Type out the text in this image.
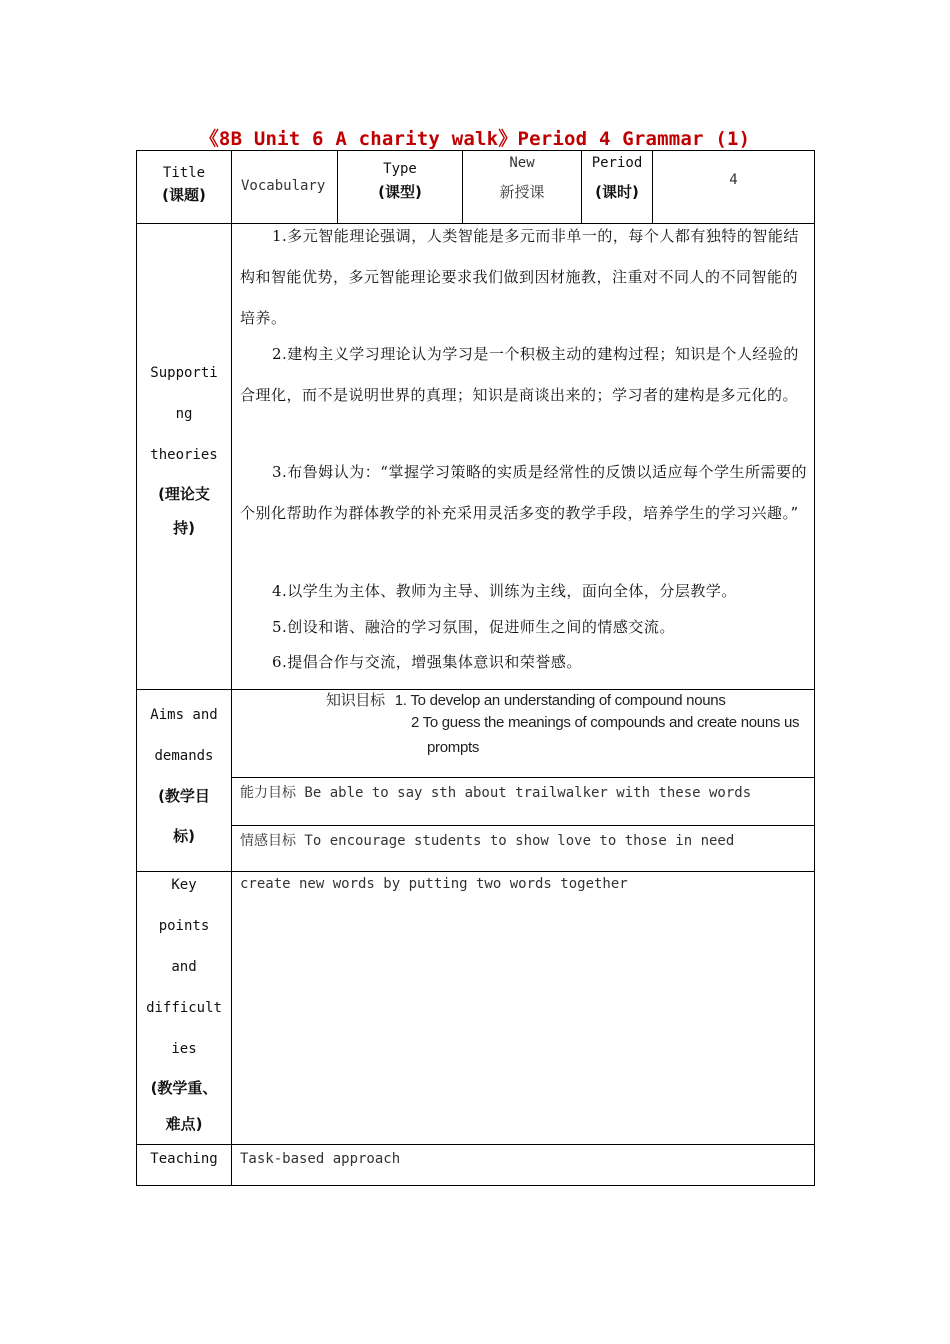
《8B Unit 6 A charity walk》Period 4 Grammar (1)
Title
(课题)	Vocabulary
Type
(课型)
New
新授课
Period
(课时)
4
Supporti
ng
theories
(理论支
持)
1.多元智能理论强调，人类智能是多元而非单一的，每个人都有独特的智能结构和智能优势，多元智能理论要求我们做到因材施教，注重对不同人的不同智能的培养。
2.建构主义学习理论认为学习是一个积极主动的建构过程；知识是个人经验的合理化，而不是说明世界的真理；知识是商谈出来的；学习者的建构是多元化的。
3.布鲁姆认为：“掌握学习策略的实质是经常性的反馈以适应每个学生所需要的个别化帮助作为群体教学的补充采用灵活多变的教学手段，培养学生的学习兴趣。”
4.以学生为主体、教师为主导、训练为主线，面向全体，分层教学。
5.创设和谐、融洽的学习氛围，促进师生之间的情感交流。
6.提倡合作与交流，增强集体意识和荣誉感。
Aims and
demands
(教学目
标)
知识目标 1. To develop an understanding of compound nouns
2 To guess the meanings of compounds and create nouns us
prompts
能力目标 Be able to say sth about trailwalker with these words
情感目标 To encourage students to show love to those in need
Key
points
and
difficult
ies
(教学重、
难点)
create new words by putting two words together
Teaching	Task-based approach
